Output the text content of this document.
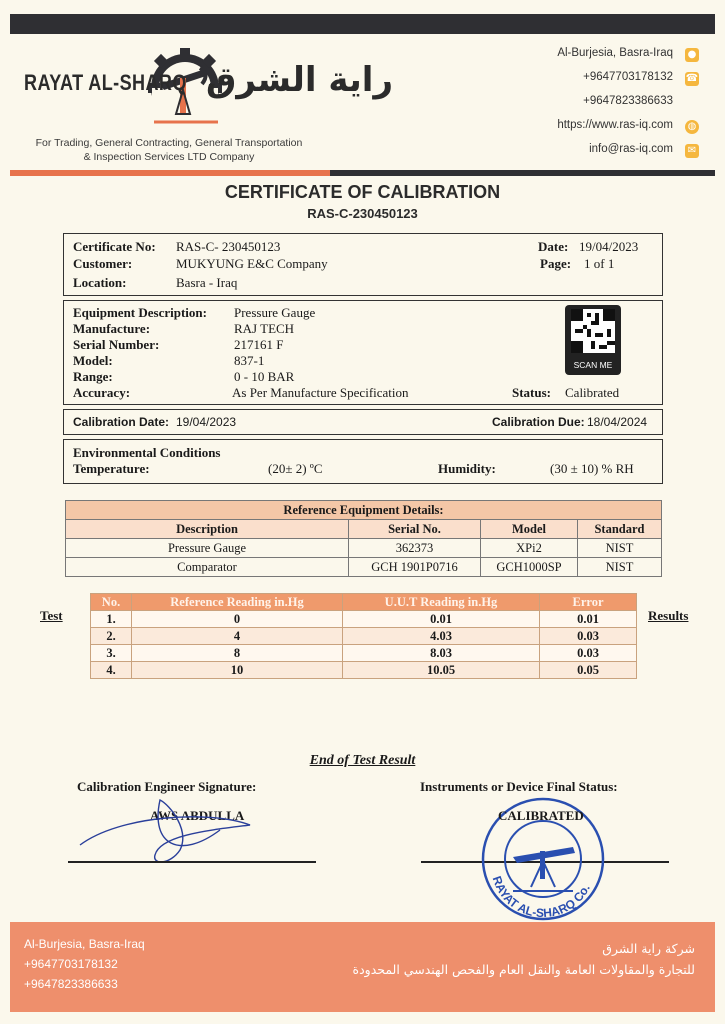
RAYAT AL-SHARQ راية الشرق
For Trading, General Contracting, General Transportation
& Inspection Services LTD Company
Al-Burjesia, Basra-Iraq ●
+9647703178132 ☎
+9647823386633
https://www.ras-iq.com ◍
info@ras-iq.com ✉
CERTIFICATE OF CALIBRATION
RAS-C-230450123
Certificate No: RAS-C- 230450123
Customer:	MUKYUNG E&C Company
Location:	Basra - Iraq
Date: 19/04/2023
Page: 1 of 1
Equipment Description: Pressure Gauge
Manufacture:	RAJ TECH
Serial Number:	217161 F
Model:	837-1
Range:	0 - 10 BAR
Accuracy:	As Per Manufacture Specification	Status: Calibrated
SCAN ME
Calibration Date: 19/04/2023	Calibration Due: 18/04/2024
Environmental Conditions
Temperature:	(20± 2) ºC	Humidity:	(30 ± 10) % RH
Reference Equipment Details:			
Description	Serial No.	Model	Standard
Pressure Gauge	362373	XPi2	NIST
Comparator	GCH 1901P0716	GCH1000SP	NIST
Test	Results
No.	Reference Reading in.Hg	U.U.T Reading in.Hg	Error
1.	0	0.01	0.01
2.	4	4.03	0.03
3.	8	8.03	0.03
4.	10	10.05	0.05
End of Test Result
Calibration Engineer Signature:
AWS ABDULLA
Instruments or Device Final Status:
RAYAT AL-SHARQ Co.
CALIBRATED
Al-Burjesia, Basra-Iraq
+9647703178132
+9647823386633
شركة راية الشرق
للتجارة والمقاولات العامة والنقل العام والفحص الهندسي المحدودة
